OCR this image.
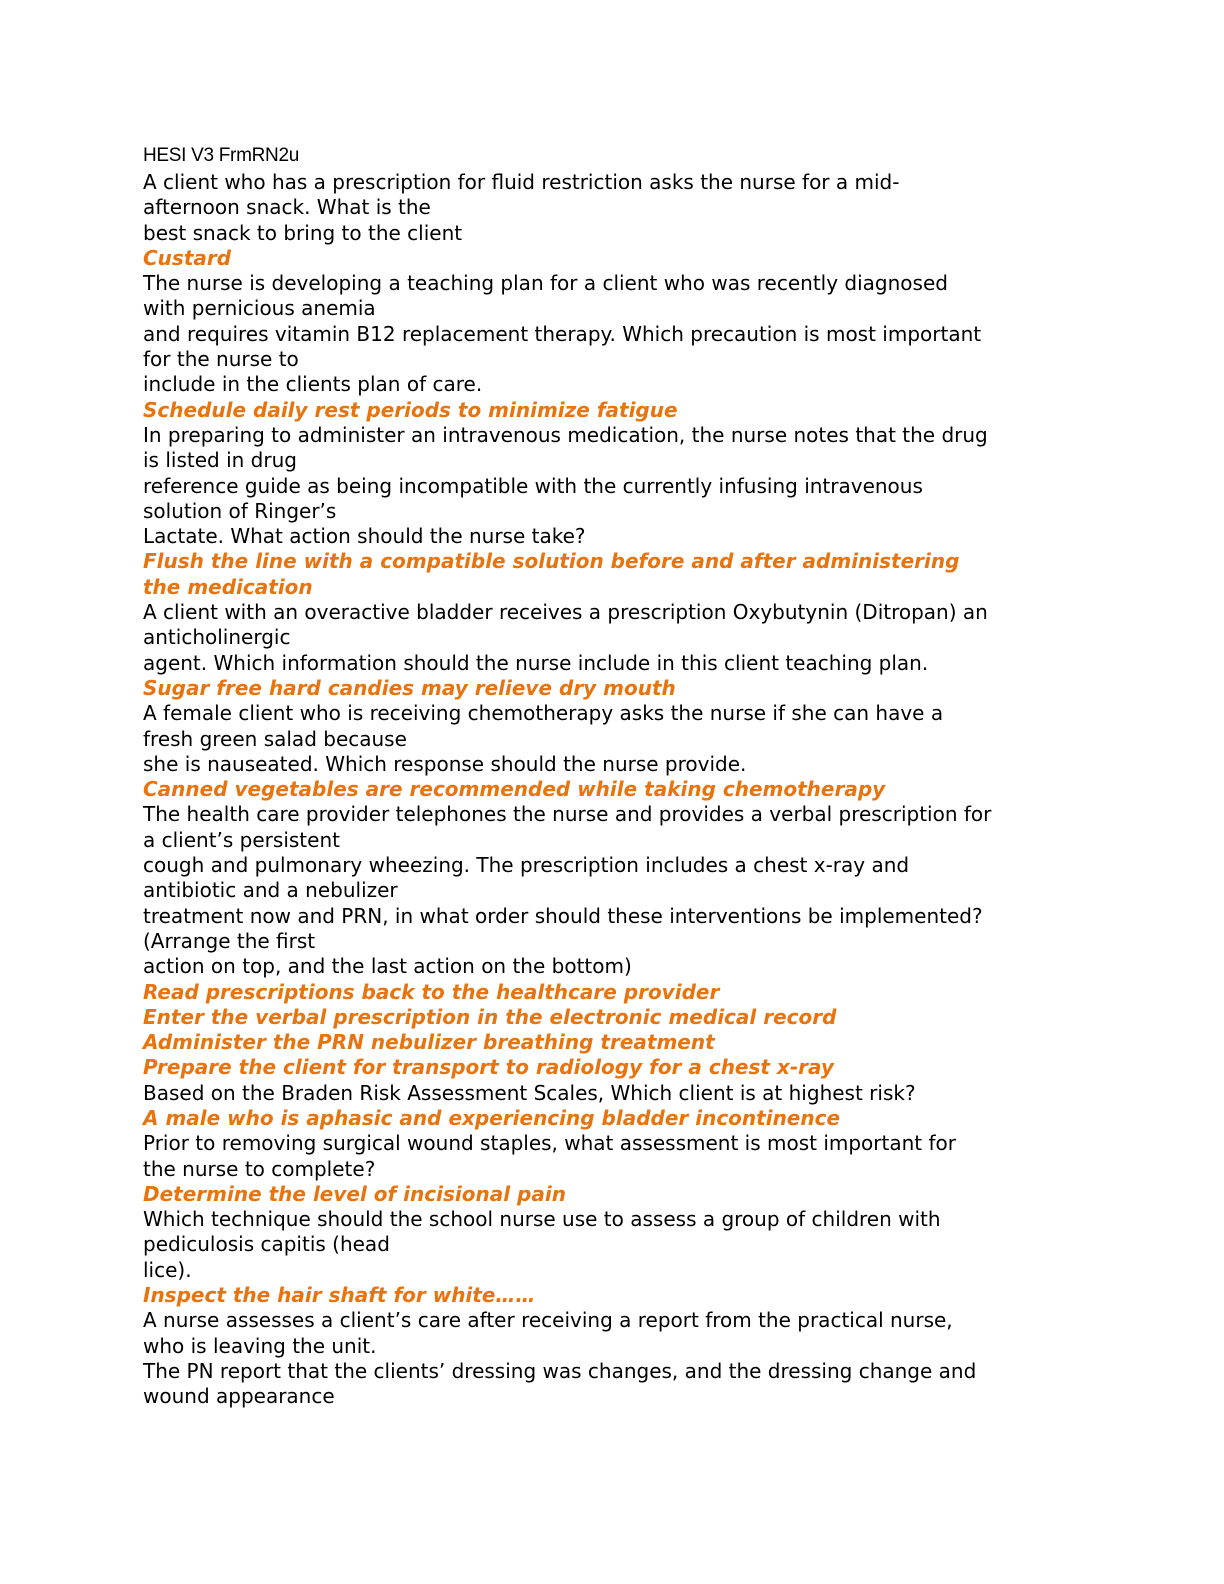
HESI V3 FrmRN2u

A client who has a prescription for fluid restriction asks the nurse for a mid-

afternoon snack. What is the

best snack to bring to the client

Custard

The nurse is developing a teaching plan for a client who was recently diagnosed

with pernicious anemia

and requires vitamin B12 replacement therapy. Which precaution is most important

for the nurse to

include in the clients plan of care.

Schedule daily rest periods to minimize fatigue

In preparing to administer an intravenous medication, the nurse notes that the drug

is listed in drug

reference guide as being incompatible with the currently infusing intravenous

solution of Ringer’s

Lactate. What action should the nurse take?

Flush the line with a compatible solution before and after administering

the medication

A client with an overactive bladder receives a prescription Oxybutynin (Ditropan) an

anticholinergic

agent. Which information should the nurse include in this client teaching plan.

Sugar free hard candies may relieve dry mouth

A female client who is receiving chemotherapy asks the nurse if she can have a

fresh green salad because

she is nauseated. Which response should the nurse provide.

Canned vegetables are recommended while taking chemotherapy

The health care provider telephones the nurse and provides a verbal prescription for

a client’s persistent

cough and pulmonary wheezing. The prescription includes a chest x-ray and

antibiotic and a nebulizer

treatment now and PRN, in what order should these interventions be implemented?

(Arrange the first

action on top, and the last action on the bottom)

Read prescriptions back to the healthcare provider

Enter the verbal prescription in the electronic medical record

Administer the PRN nebulizer breathing treatment

Prepare the client for transport to radiology for a chest x-ray

Based on the Braden Risk Assessment Scales, Which client is at highest risk?

A male who is aphasic and experiencing bladder incontinence

Prior to removing surgical wound staples, what assessment is most important for

the nurse to complete?

Determine the level of incisional pain

Which technique should the school nurse use to assess a group of children with

pediculosis capitis (head

lice).

Inspect the hair shaft for white……

A nurse assesses a client’s care after receiving a report from the practical nurse,

who is leaving the unit.

The PN report that the clients’ dressing was changes, and the dressing change and

wound appearance
